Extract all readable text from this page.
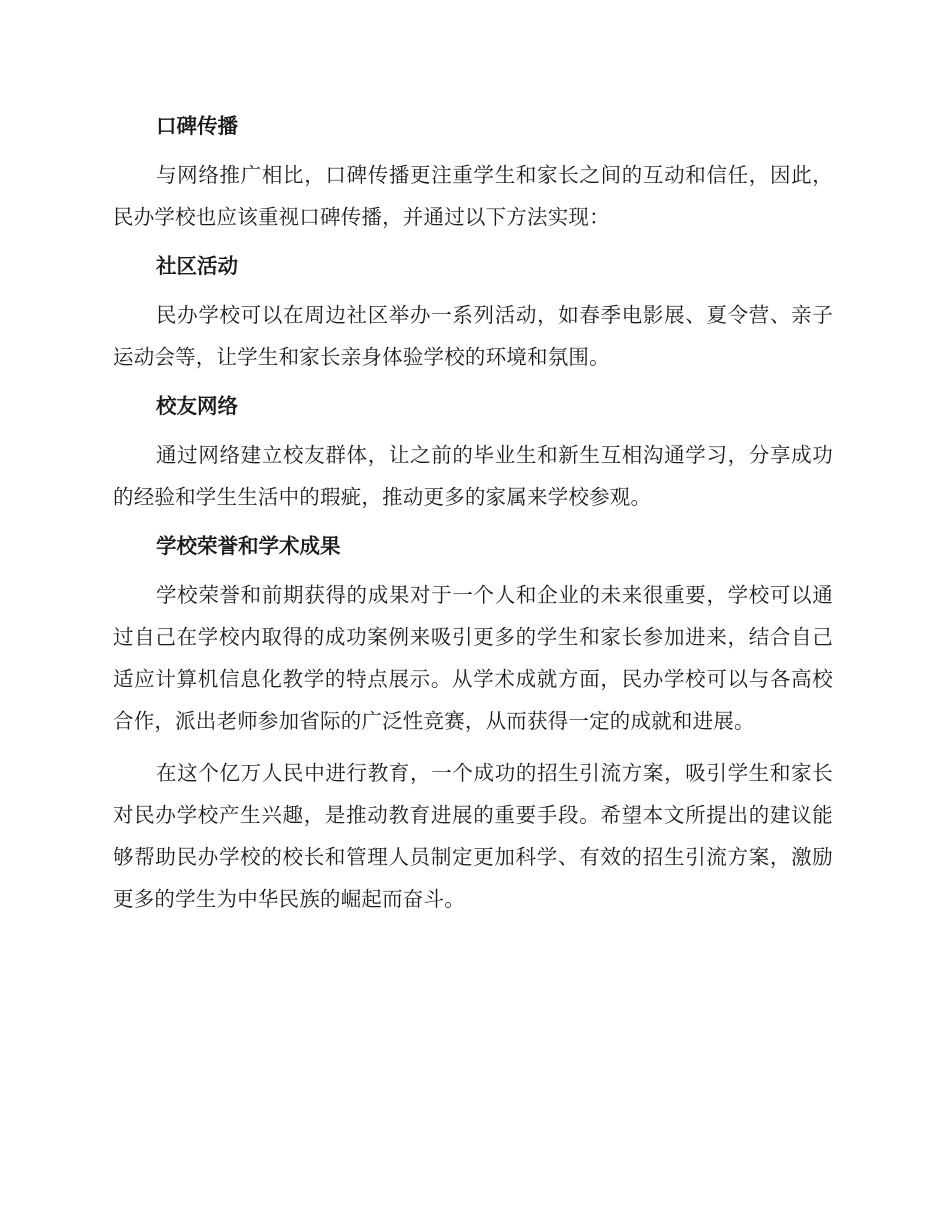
口碑传播

与网络推广相比，口碑传播更注重学生和家长之间的互动和信任，因此，民办学校也应该重视口碑传播，并通过以下方法实现：

社区活动

民办学校可以在周边社区举办一系列活动，如春季电影展、夏令营、亲子运动会等，让学生和家长亲身体验学校的环境和氛围。

校友网络

通过网络建立校友群体，让之前的毕业生和新生互相沟通学习，分享成功的经验和学生生活中的瑕疵，推动更多的家属来学校参观。

学校荣誉和学术成果

学校荣誉和前期获得的成果对于一个人和企业的未来很重要，学校可以通过自己在学校内取得的成功案例来吸引更多的学生和家长参加进来，结合自己适应计算机信息化教学的特点展示。从学术成就方面，民办学校可以与各高校合作，派出老师参加省际的广泛性竞赛，从而获得一定的成就和进展。

在这个亿万人民中进行教育，一个成功的招生引流方案，吸引学生和家长对民办学校产生兴趣，是推动教育进展的重要手段。希望本文所提出的建议能够帮助民办学校的校长和管理人员制定更加科学、有效的招生引流方案，激励更多的学生为中华民族的崛起而奋斗。
